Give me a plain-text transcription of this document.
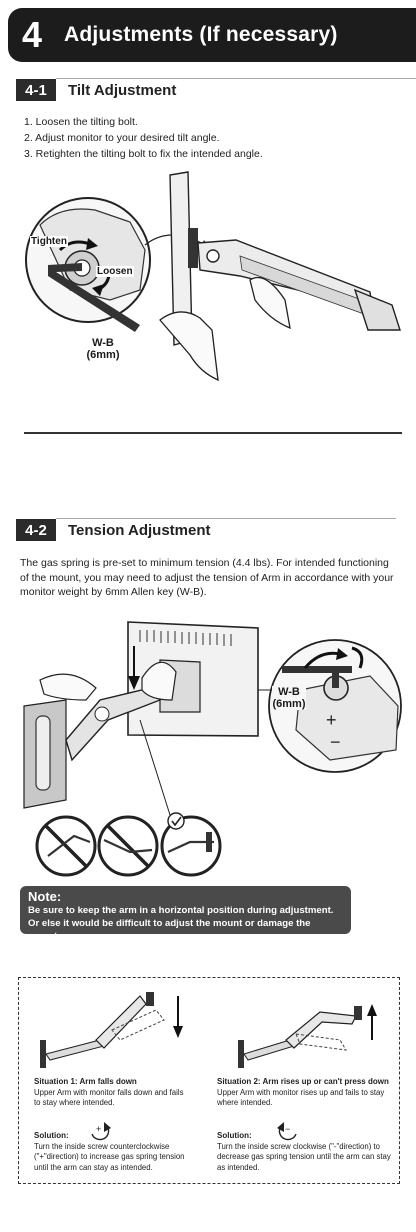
4	Adjustments (If necessary)
4-1	Tilt Adjustment
1. Loosen the tilting bolt.
2. Adjust monitor to your desired tilt angle.
3. Retighten the tilting bolt to fix the intended angle.
Tighten
Loosen
W-B
(6mm)
4-2	Tension Adjustment
The gas spring is pre-set to minimum tension (4.4 lbs). For intended functioning of the mount, you may need to adjust the tension of Arm in accordance with your monitor weight by 6mm Allen key (W-B).
+
−
W-B
(6mm)
Note:
Be sure to keep the arm in a horizontal position during adjustment.
Or else it would be difficult to adjust the mount or damage the mount.
+	−
Situation 1: Arm falls down
Upper Arm with monitor falls down and fails
to stay where intended.
Solution:
Turn the inside screw counterclockwise
("+"direction) to increase gas spring tension
until the arm can stay as intended.
Situation 2: Arm rises up or can't press down
Upper Arm with monitor rises up and fails to stay
where intended.
Solution:
Turn the inside screw clockwise ("-"direction) to
decrease gas spring tension until the arm can stay
as intended.
